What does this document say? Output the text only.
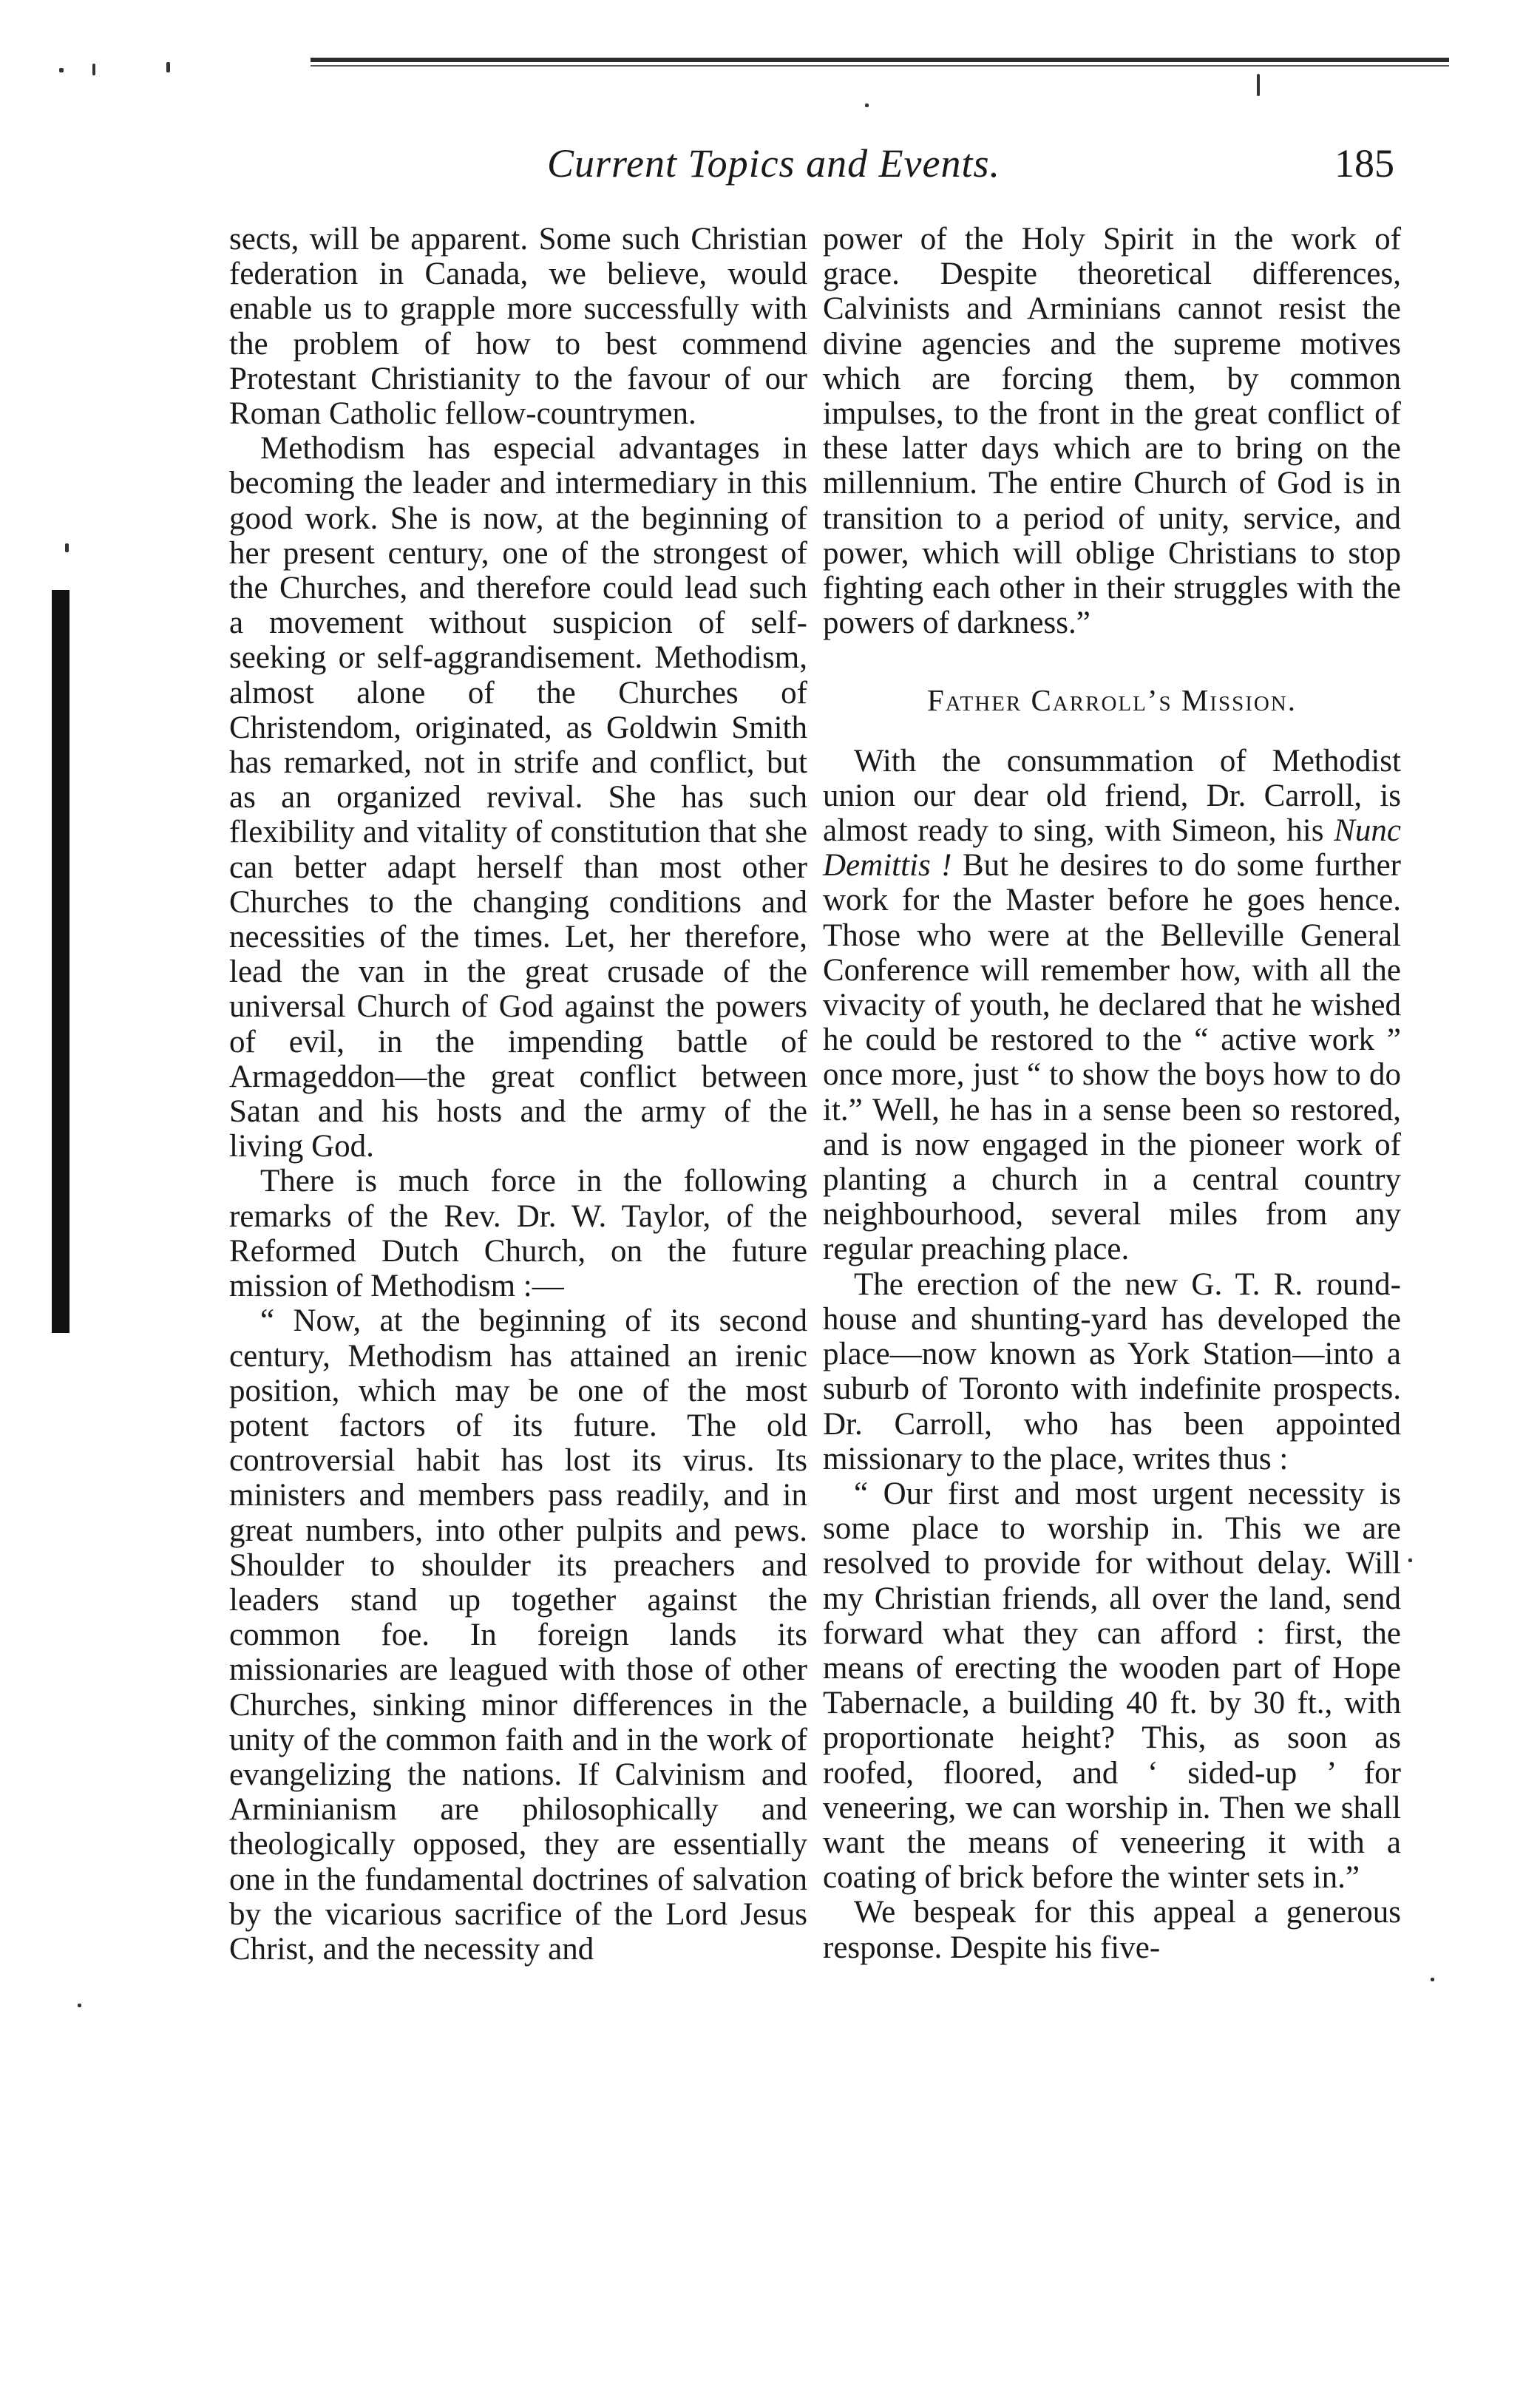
Current Topics and Events.	185

sects, will be apparent. Some such Christian federation in Canada, we believe, would enable us to grapple more successfully with the problem of how to best commend Protestant Christianity to the favour of our Roman Catholic fellow-countrymen.

Methodism has especial advantages in becoming the leader and intermediary in this good work. She is now, at the beginning of her present century, one of the strongest of the Churches, and therefore could lead such a movement without suspicion of self-seeking or self-aggrandisement. Methodism, almost alone of the Churches of Christendom, originated, as Goldwin Smith has remarked, not in strife and conflict, but as an organized revival. She has such flexibility and vitality of constitution that she can better adapt herself than most other Churches to the changing conditions and necessities of the times. Let, her therefore, lead the van in the great crusade of the universal Church of God against the powers of evil, in the impending battle of Armageddon—the great conflict between Satan and his hosts and the army of the living God.

There is much force in the following remarks of the Rev. Dr. W. Taylor, of the Reformed Dutch Church, on the future mission of Methodism :—

“ Now, at the beginning of its second century, Methodism has attained an irenic position, which may be one of the most potent factors of its future. The old controversial habit has lost its virus. Its ministers and members pass readily, and in great numbers, into other pulpits and pews. Shoulder to shoulder its preachers and leaders stand up together against the common foe. In foreign lands its missionaries are leagued with those of other Churches, sinking minor differences in the unity of the common faith and in the work of evangelizing the nations. If Calvinism and Arminianism are philosophically and theologically opposed, they are essentially one in the fundamental doctrines of salvation by the vicarious sacrifice of the Lord Jesus Christ, and the necessity and

power of the Holy Spirit in the work of grace. Despite theoretical differences, Calvinists and Arminians cannot resist the divine agencies and the supreme motives which are forcing them, by common impulses, to the front in the great conflict of these latter days which are to bring on the millennium. The entire Church of God is in transition to a period of unity, service, and power, which will oblige Christians to stop fighting each other in their struggles with the powers of darkness.”

Father Carroll’s Mission.

With the consummation of Methodist union our dear old friend, Dr. Carroll, is almost ready to sing, with Simeon, his Nunc Demittis ! But he desires to do some further work for the Master before he goes hence. Those who were at the Belleville General Conference will remember how, with all the vivacity of youth, he declared that he wished he could be restored to the “ active work ” once more, just “ to show the boys how to do it.” Well, he has in a sense been so restored, and is now engaged in the pioneer work of planting a church in a central country neighbourhood, several miles from any regular preaching place.

The erection of the new G. T. R. round-house and shunting-yard has developed the place—now known as York Station—into a suburb of Toronto with indefinite prospects. Dr. Carroll, who has been appointed missionary to the place, writes thus :

“ Our first and most urgent necessity is some place to worship in. This we are resolved to provide for without delay. Will my Christian friends, all over the land, send forward what they can afford : first, the means of erecting the wooden part of Hope Tabernacle, a building 40 ft. by 30 ft., with proportionate height? This, as soon as roofed, floored, and ‘ sided-up ’ for veneering, we can worship in. Then we shall want the means of veneering it with a coating of brick before the winter sets in.”

We bespeak for this appeal a generous response. Despite his five-
